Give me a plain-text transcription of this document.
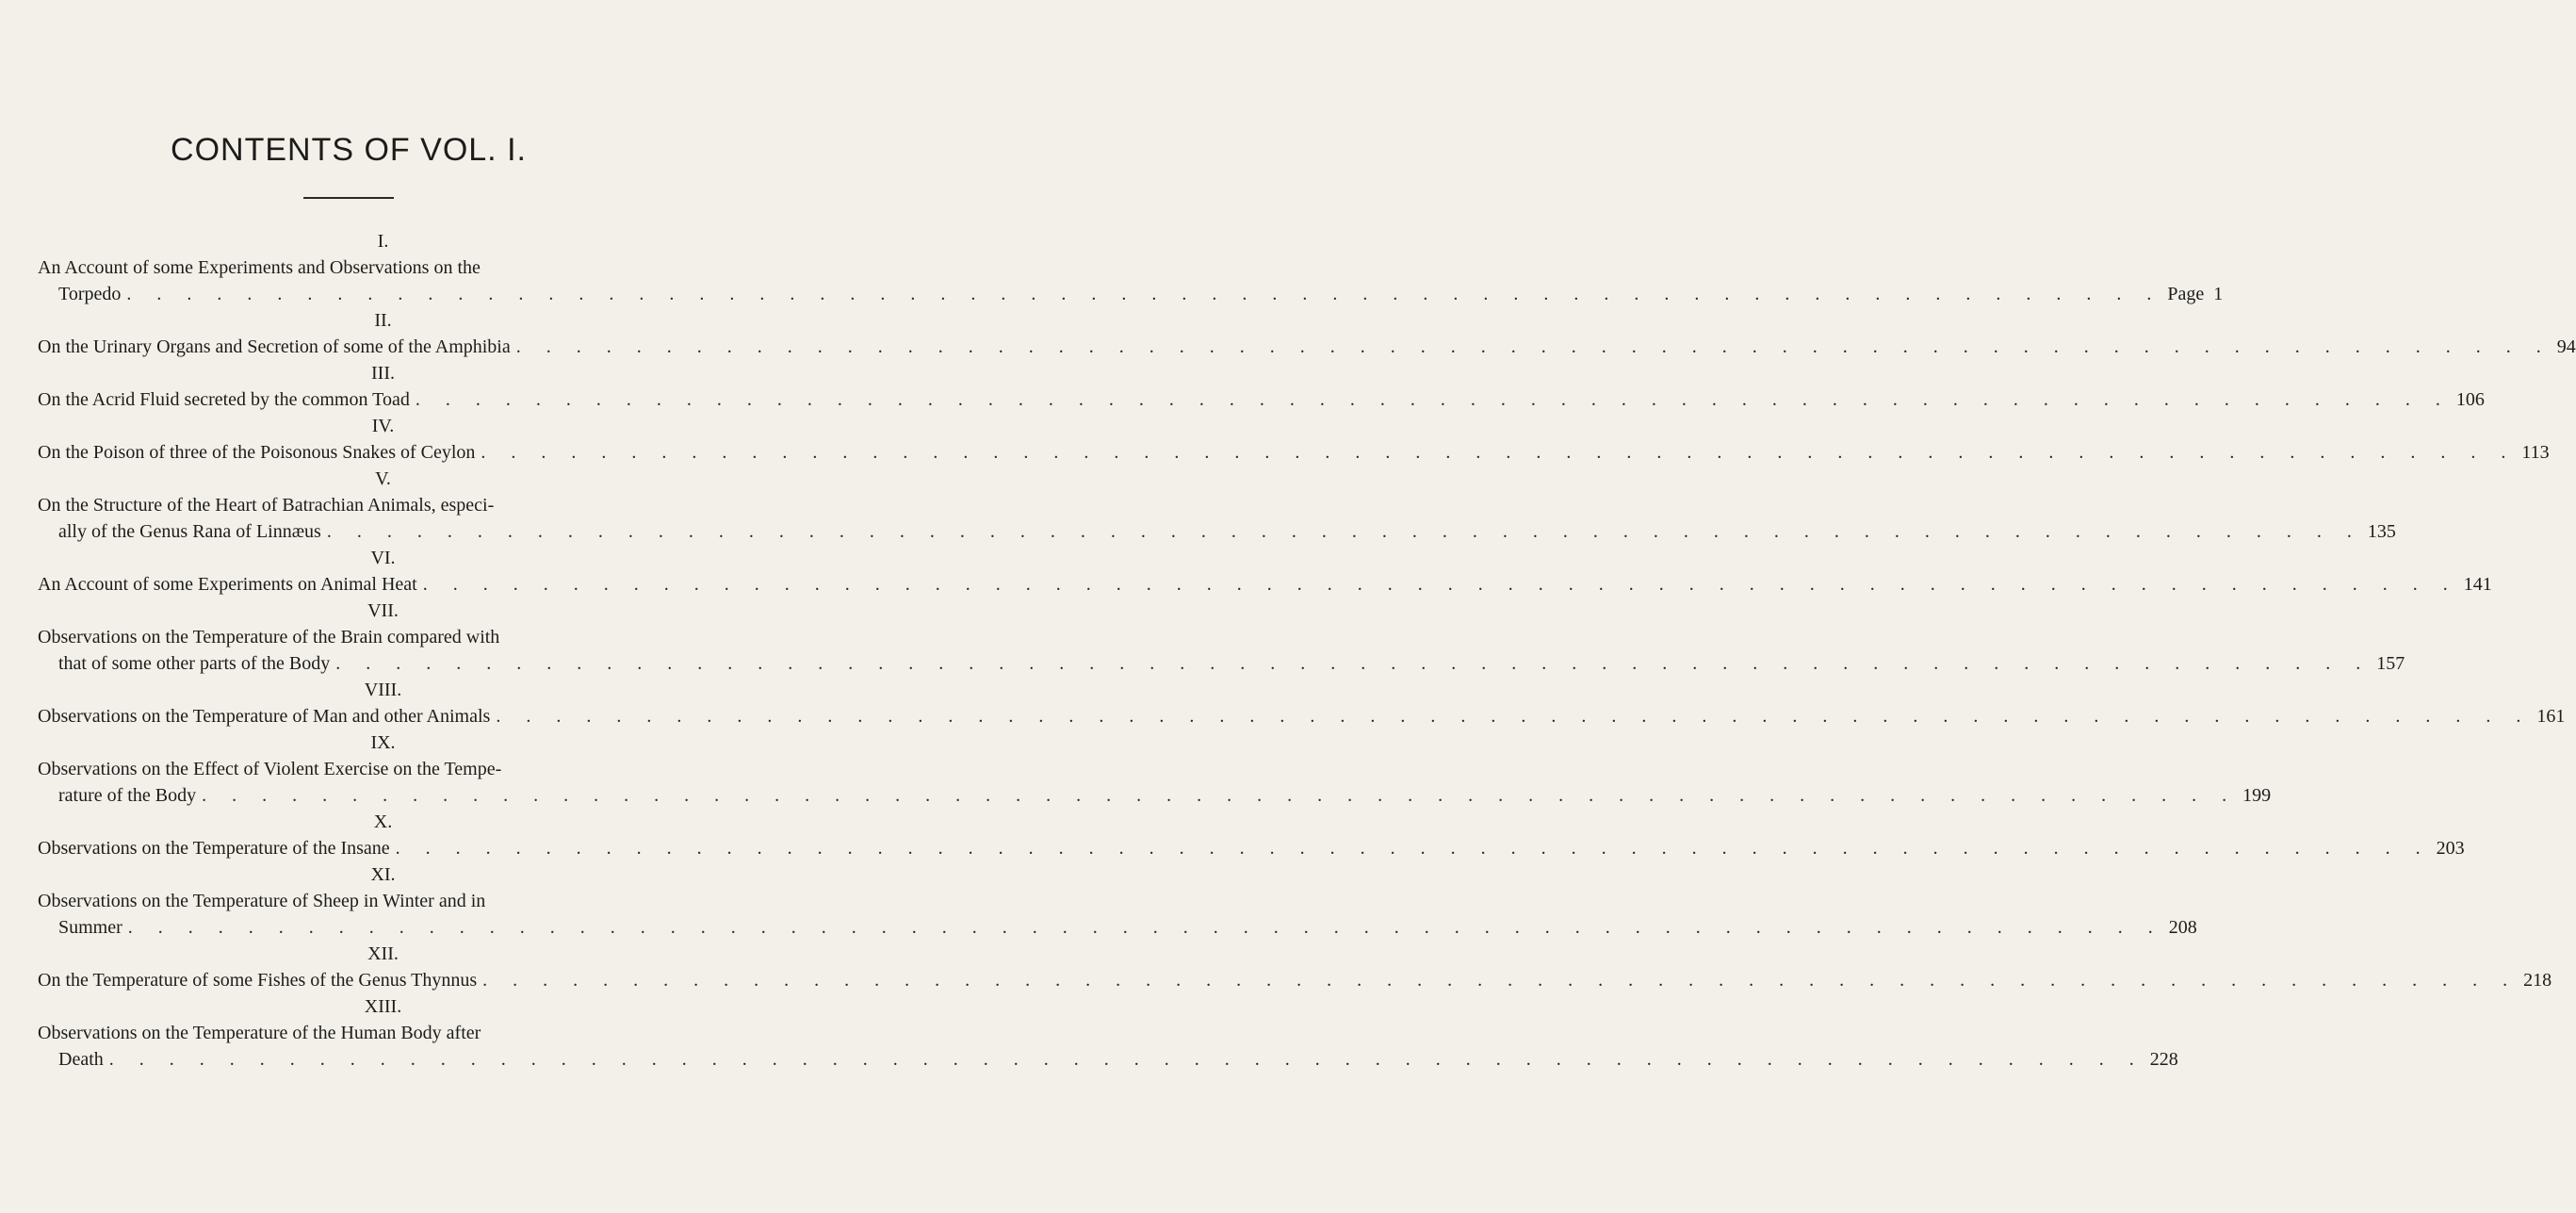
CONTENTS OF VOL. I.
I.
An Account of some Experiments and Observations on the
Torpedo . . .	Page 1
II.
On the Urinary Organs and Secretion of some of the Amphibia . . .	94
III.
On the Acrid Fluid secreted by the common Toad . . .	106
IV.
On the Poison of three of the Poisonous Snakes of Ceylon . . .	113
V.
On the Structure of the Heart of Batrachian Animals, especi-
ally of the Genus Rana of Linnæus . . .	135
VI.
An Account of some Experiments on Animal Heat . . .	141
VII.
Observations on the Temperature of the Brain compared with
that of some other parts of the Body . . .	157
VIII.
Observations on the Temperature of Man and other Animals . . .	161
IX.
Observations on the Effect of Violent Exercise on the Tempe-
rature of the Body . . .	199
X.
Observations on the Temperature of the Insane . . .	203
XI.
Observations on the Temperature of Sheep in Winter and in
Summer . . .	208
XII.
On the Temperature of some Fishes of the Genus Thynnus . . .	218
XIII.
Observations on the Temperature of the Human Body after
Death . . .	228
